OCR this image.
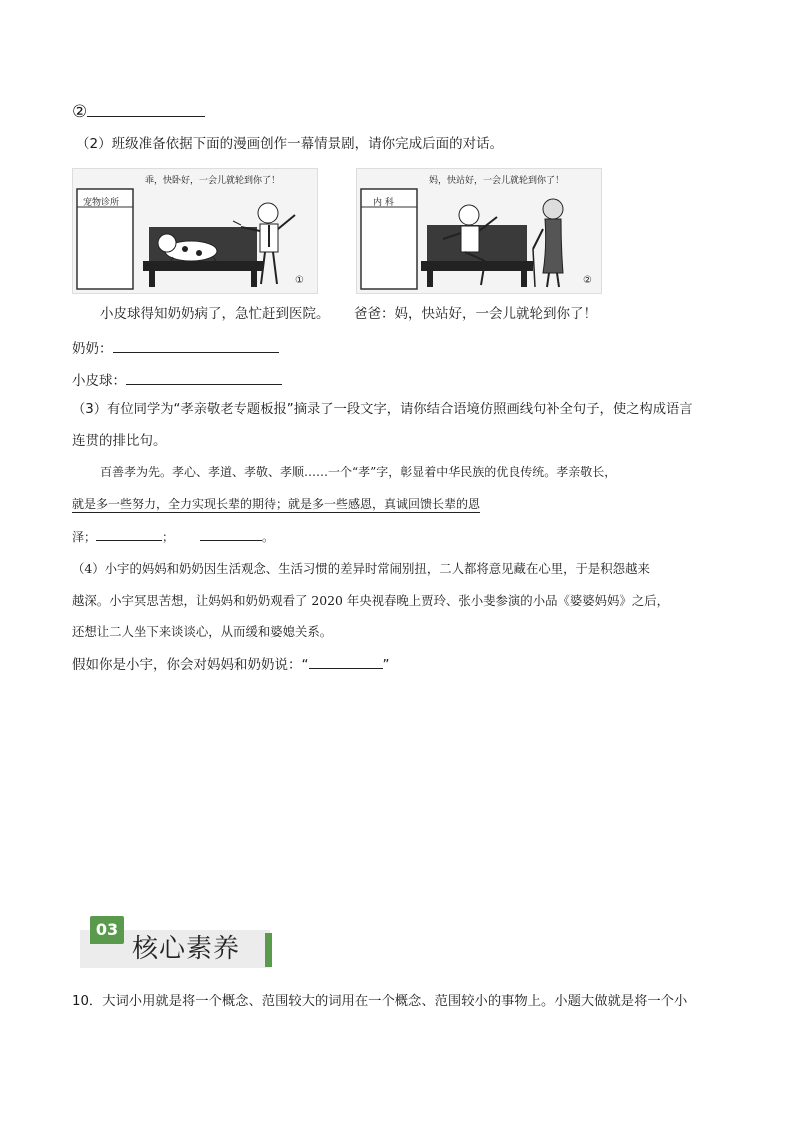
②
（2）班级准备依据下面的漫画创作一幕情景剧，请你完成后面的对话。
宠物诊所
乖，快卧好，一会儿就轮到你了！
①
内 科
妈，快站好，一会儿就轮到你了！
②
小皮球得知奶奶病了，急忙赶到医院。 爸爸：妈，快站好，一会儿就轮到你了！
奶奶：
小皮球：
（3）有位同学为“孝亲敬老专题板报”摘录了一段文字，请你结合语境仿照画线句补全句子，使之构成语言
连贯的排比句。
百善孝为先。孝心、孝道、孝敬、孝顺……一个“孝”字，彰显着中华民族的优良传统。孝亲敬长，
就是多一些努力，全力实现长辈的期待；就是多一些感恩，真诚回馈长辈的恩
泽；	；	。
（4）小宇的妈妈和奶奶因生活观念、生活习惯的差异时常闹别扭，二人都将意见藏在心里，于是积怨越来
越深。小宇冥思苦想，让妈妈和奶奶观看了 2020 年央视春晚上贾玲、张小斐参演的小品《婆婆妈妈》之后，
还想让二人坐下来谈谈心，从而缓和婆媳关系。
假如你是小宇，你会对妈妈和奶奶说：“	”
03
核心素养
10．大词小用就是将一个概念、范围较大的词用在一个概念、范围较小的事物上。小题大做就是将一个小
